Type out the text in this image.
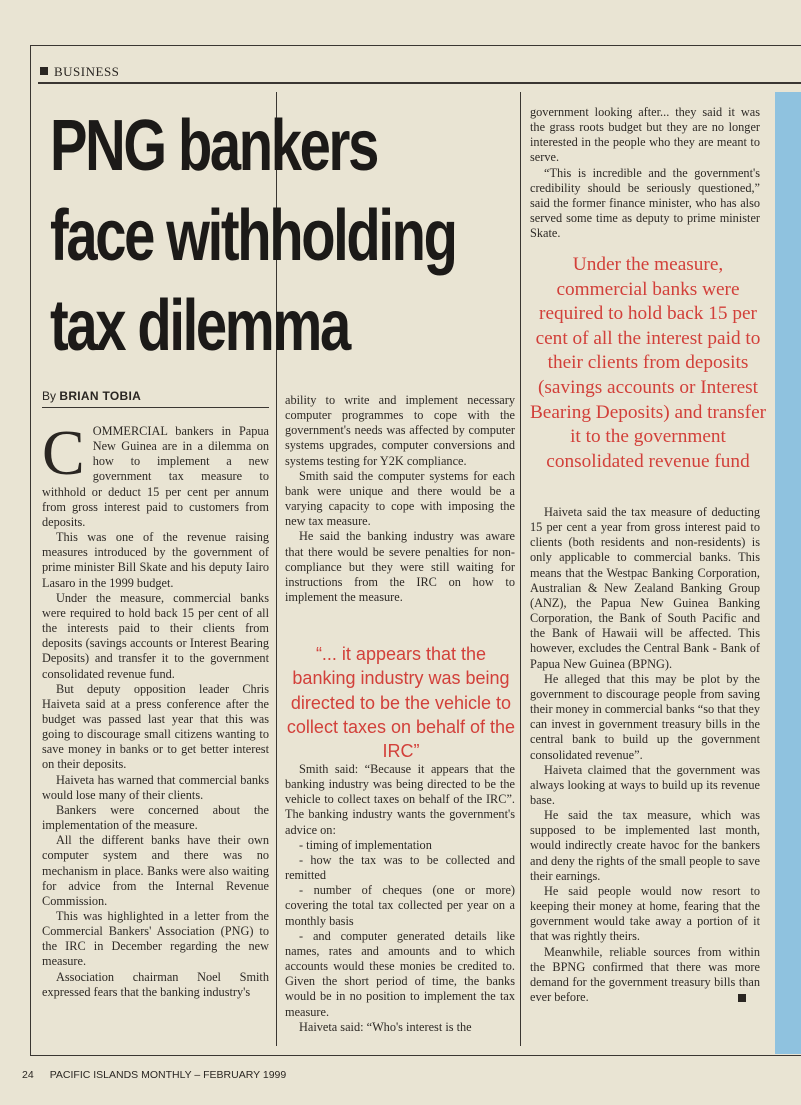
BUSINESS
PNG bankers
face withholding
tax dilemma
By BRIAN TOBIA

COMMERCIAL bankers in Papua New Guinea are in a dilemma on how to implement a new government tax measure to withhold or deduct 15 per cent per annum from gross interest paid to customers from deposits.

This was one of the revenue raising measures introduced by the government of prime minister Bill Skate and his deputy Iairo Lasaro in the 1999 budget.

Under the measure, commercial banks were required to hold back 15 per cent of all the interests paid to their clients from deposits (savings accounts or Interest Bearing Deposits) and transfer it to the government consolidated revenue fund.

But deputy opposition leader Chris Haiveta said at a press conference after the budget was passed last year that this was going to discourage small citizens wanting to save money in banks or to get better interest on their deposits.

Haiveta has warned that commercial banks would lose many of their clients.

Bankers were concerned about the implementation of the measure.

All the different banks have their own computer system and there was no mechanism in place. Banks were also waiting for advice from the Internal Revenue Commission.

This was highlighted in a letter from the Commercial Bankers' Association (PNG) to the IRC in December regarding the new measure.

Association chairman Noel Smith expressed fears that the banking industry's

ability to write and implement necessary computer programmes to cope with the government's needs was affected by computer systems upgrades, computer conversions and systems testing for Y2K compliance.

Smith said the computer systems for each bank were unique and there would be a varying capacity to cope with imposing the new tax measure.

He said the banking industry was aware that there would be severe penalties for non-compliance but they were still waiting for instructions from the IRC on how to implement the measure.

“... it appears that the banking industry was being directed to be the vehicle to collect taxes on behalf of the IRC”

Smith said: “Because it appears that the banking industry was being directed to be the vehicle to collect taxes on behalf of the IRC”. The banking industry wants the government's advice on:

- timing of implementation

- how the tax was to be collected and remitted

- number of cheques (one or more) covering the total tax collected per year on a monthly basis

- and computer generated details like names, rates and amounts and to which accounts would these monies be credited to. Given the short period of time, the banks would be in no position to implement the tax measure.

Haiveta said: “Who's interest is the

government looking after... they said it was the grass roots budget but they are no longer interested in the people who they are meant to serve.

“This is incredible and the government's credibility should be seriously questioned,” said the former finance minister, who has also served some time as deputy to prime minister Skate.

Under the measure, commercial banks were required to hold back 15 per cent of all the interest paid to their clients from deposits (savings accounts or Interest Bearing Deposits) and transfer it to the government consolidated revenue fund

Haiveta said the tax measure of deducting 15 per cent a year from gross interest paid to clients (both residents and non-residents) is only applicable to commercial banks. This means that the Westpac Banking Corporation, Australian & New Zealand Banking Group (ANZ), the Papua New Guinea Banking Corporation, the Bank of South Pacific and the Bank of Hawaii will be affected. This however, excludes the Central Bank - Bank of Papua New Guinea (BPNG).

He alleged that this may be plot by the government to discourage people from saving their money in commercial banks “so that they can invest in government treasury bills in the central bank to build up the government consolidated revenue”.

Haiveta claimed that the government was always looking at ways to build up its revenue base.

He said the tax measure, which was supposed to be implemented last month, would indirectly create havoc for the bankers and deny the rights of the small people to save their earnings.

He said people would now resort to keeping their money at home, fearing that the government would take away a portion of it that was rightly theirs.

Meanwhile, reliable sources from within the BPNG confirmed that there was more demand for the government treasury bills than ever before.

24 PACIFIC ISLANDS MONTHLY – FEBRUARY 1999
